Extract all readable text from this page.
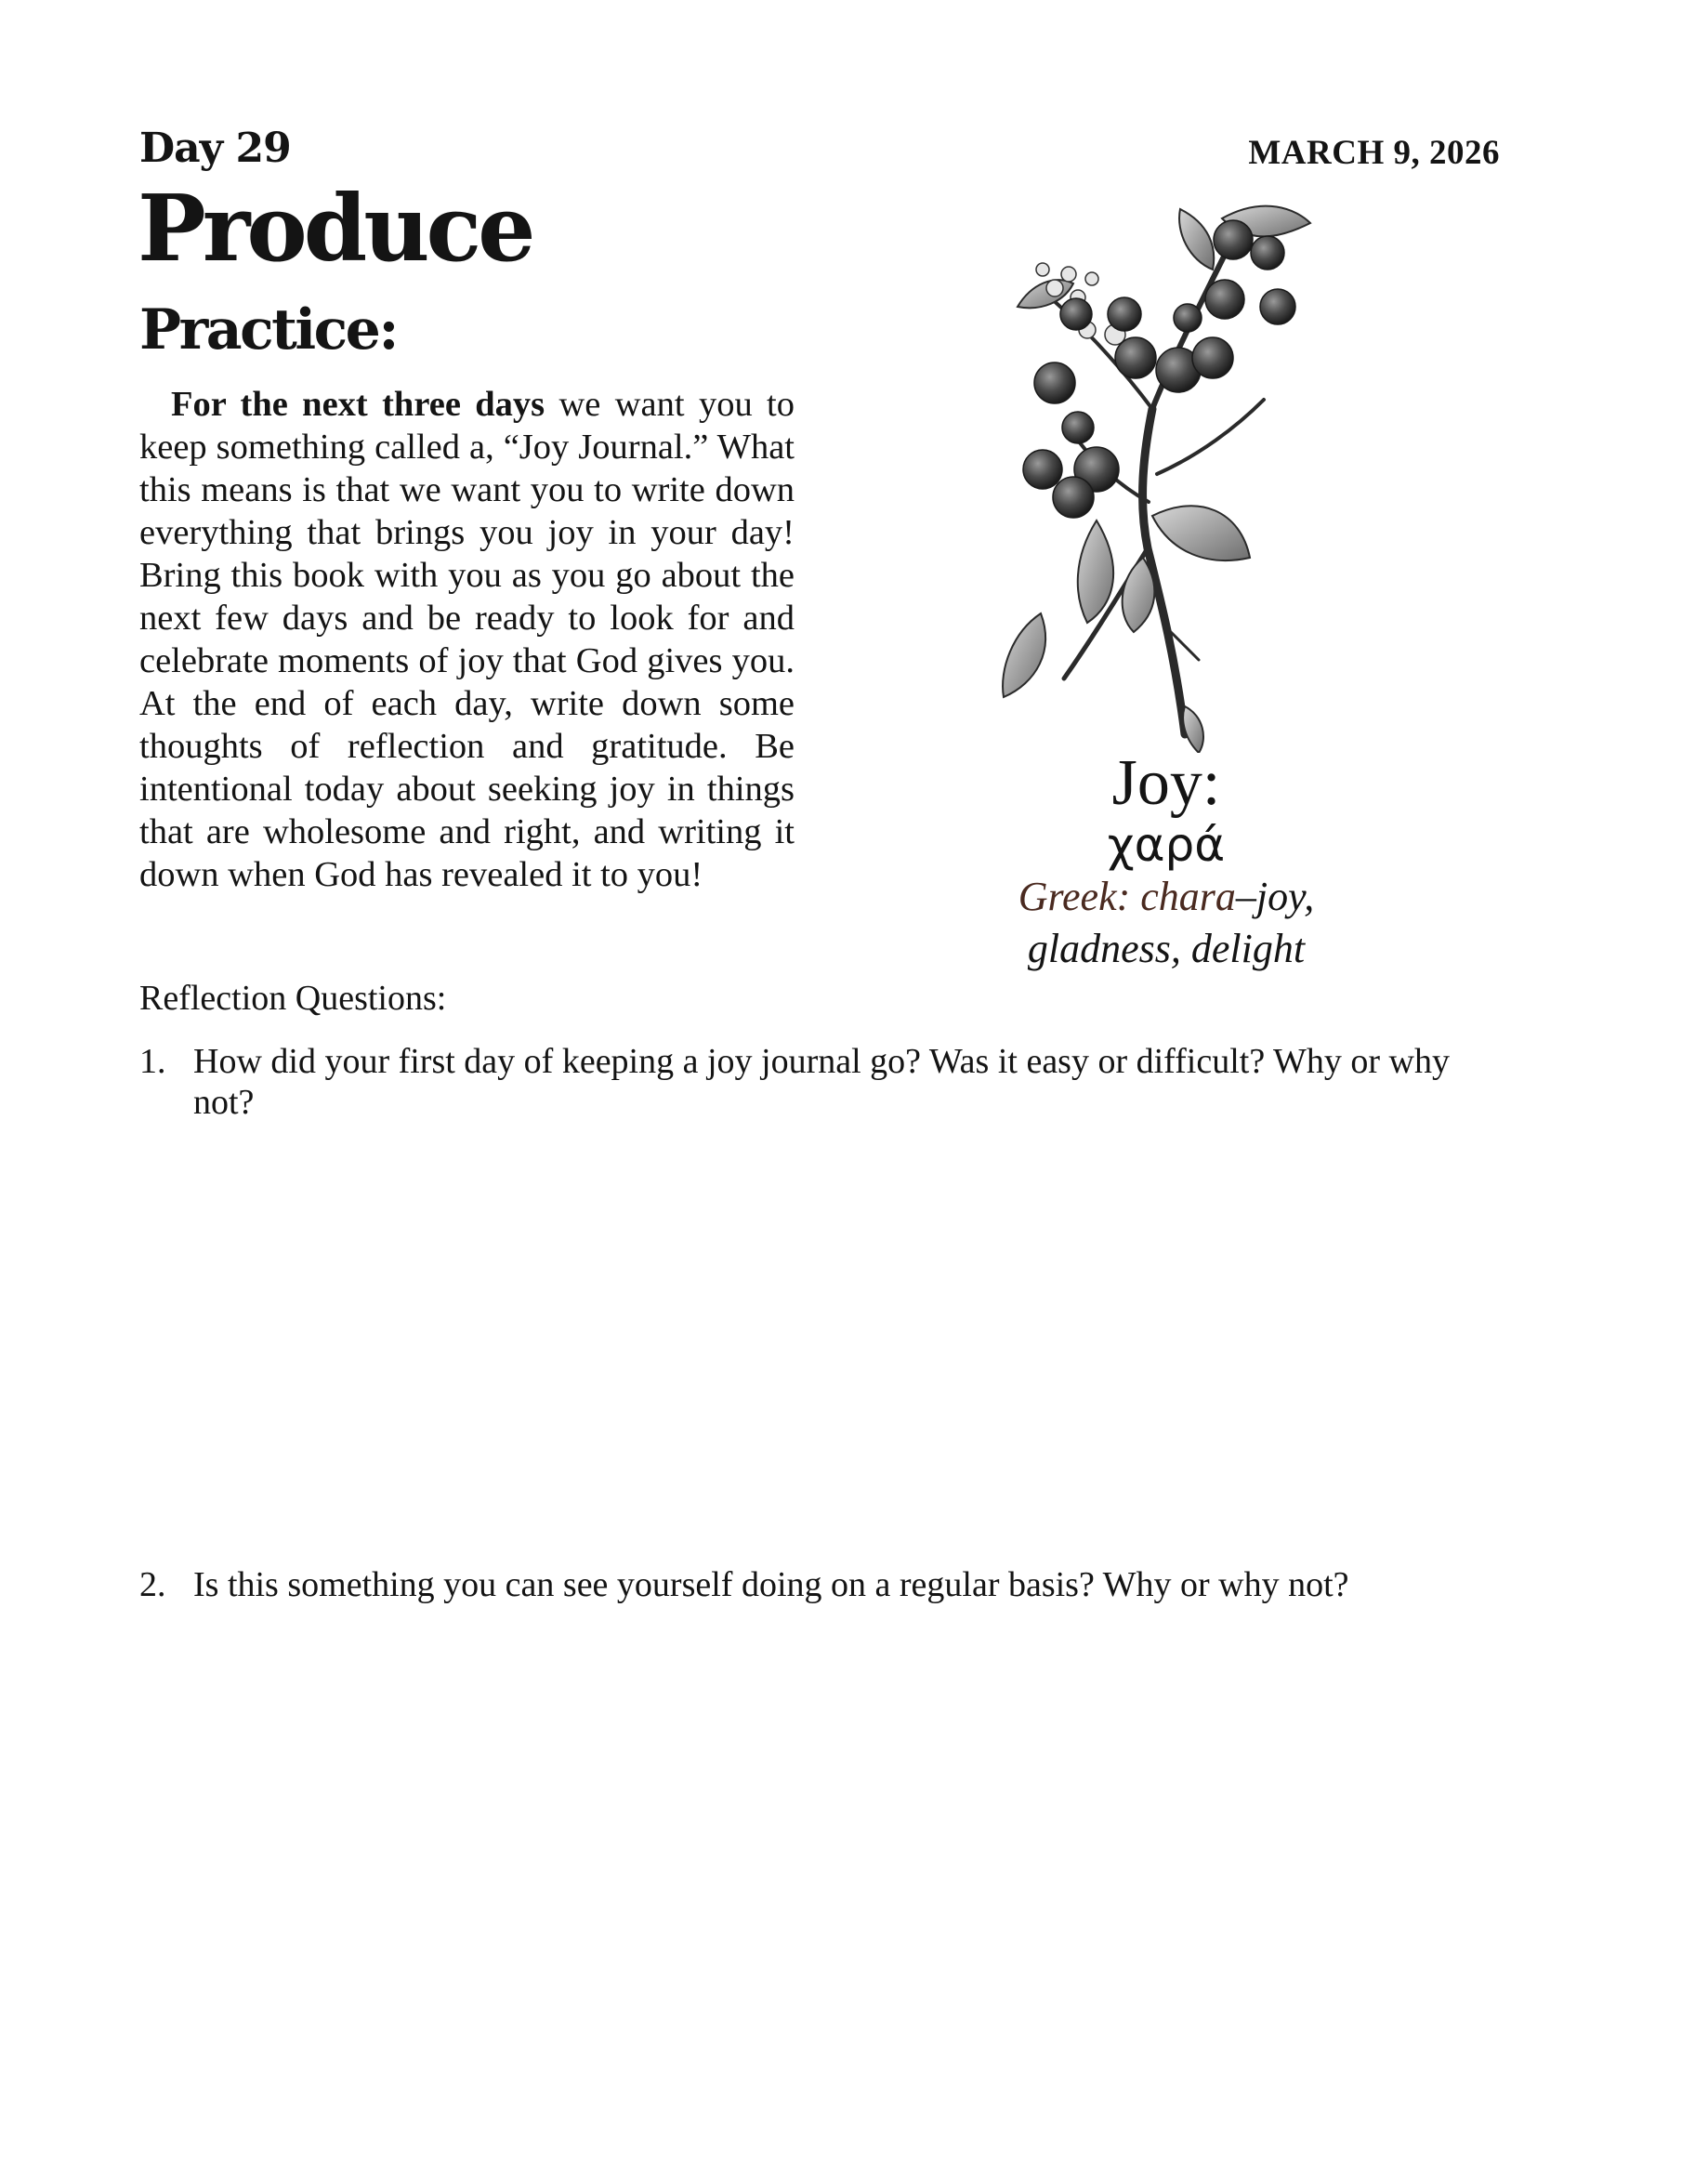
Day 29	MARCH 9, 2026
Produce
Practice:
For the next three days we want you to keep something called a, “Joy Journal.” What this means is that we want you to write down everything that brings you joy in your day! Bring this book with you as you go about the next few days and be ready to look for and celebrate moments of joy that God gives you. At the end of each day, write down some thoughts of reflection and gratitude. Be intentional today about seeking joy in things that are wholesome and right, and writing it down when God has revealed it to you!
Joy:
χαρά
Greek: chara–joy, gladness, delight
Reflection Questions:
1. How did your first day of keeping a joy journal go? Was it easy or difficult? Why or why not?
2. Is this something you can see yourself doing on a regular basis? Why or why not?
